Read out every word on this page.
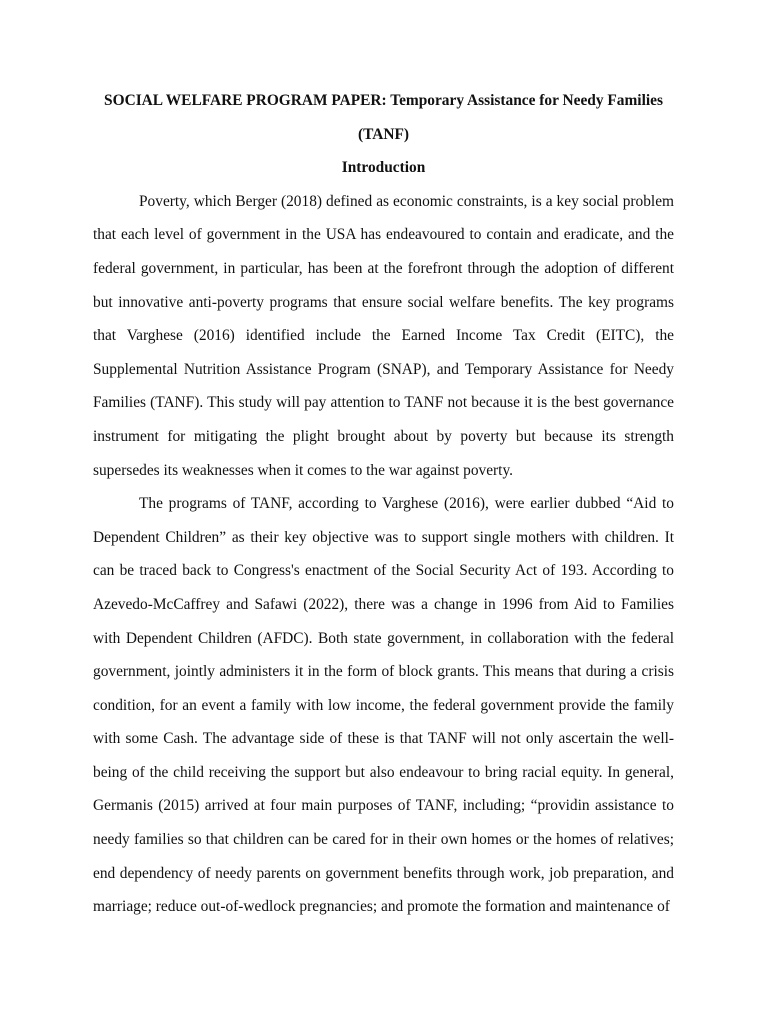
SOCIAL WELFARE PROGRAM PAPER: Temporary Assistance for Needy Families (TANF)

Introduction

Poverty, which Berger (2018) defined as economic constraints, is a key social problem that each level of government in the USA has endeavoured to contain and eradicate, and the federal government, in particular, has been at the forefront through the adoption of different but innovative anti-poverty programs that ensure social welfare benefits. The key programs that Varghese (2016) identified include the Earned Income Tax Credit (EITC), the Supplemental Nutrition Assistance Program (SNAP), and Temporary Assistance for Needy Families (TANF). This study will pay attention to TANF not because it is the best governance instrument for mitigating the plight brought about by poverty but because its strength supersedes its weaknesses when it comes to the war against poverty.

The programs of TANF, according to Varghese (2016), were earlier dubbed “Aid to Dependent Children” as their key objective was to support single mothers with children. It can be traced back to Congress's enactment of the Social Security Act of 193. According to Azevedo-McCaffrey and Safawi (2022), there was a change in 1996 from Aid to Families with Dependent Children (AFDC). Both state government, in collaboration with the federal government, jointly administers it in the form of block grants. This means that during a crisis condition, for an event a family with low income, the federal government provide the family with some Cash. The advantage side of these is that TANF will not only ascertain the well-being of the child receiving the support but also endeavour to bring racial equity. In general, Germanis (2015) arrived at four main purposes of TANF, including; “providin assistance to needy families so that children can be cared for in their own homes or the homes of relatives; end dependency of needy parents on government benefits through work, job preparation, and marriage; reduce out-of-wedlock pregnancies; and promote the formation and maintenance of
